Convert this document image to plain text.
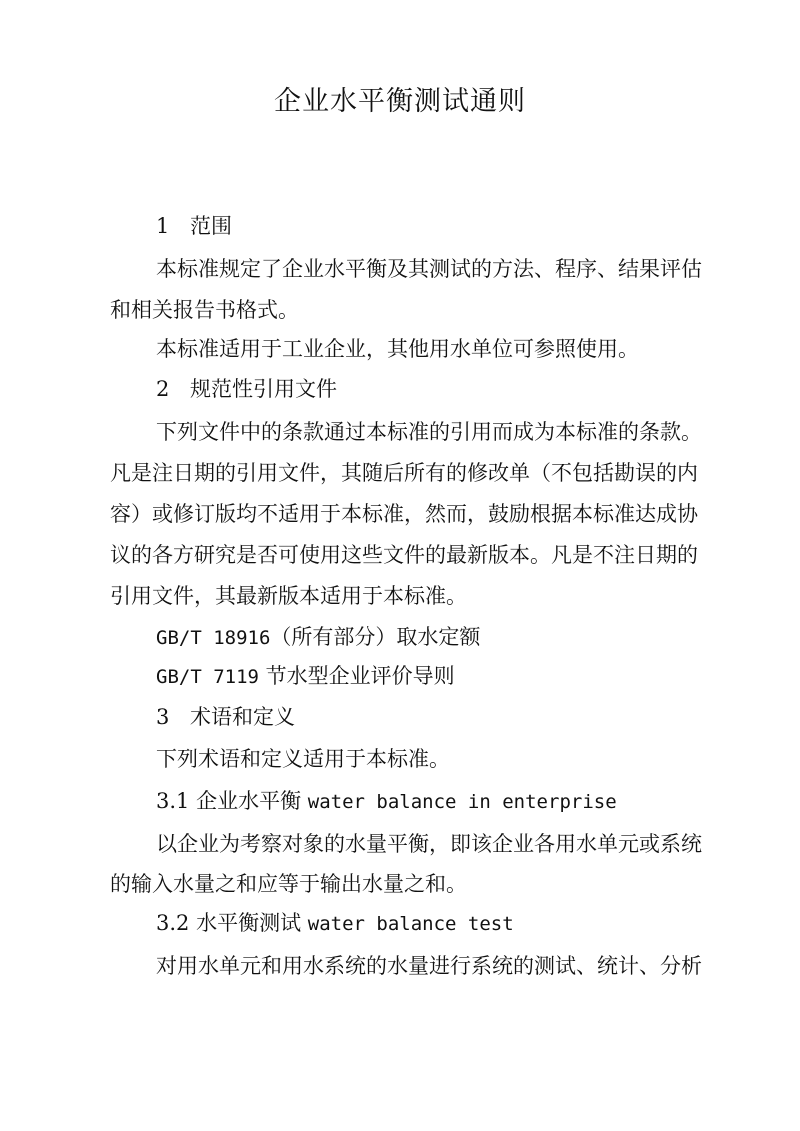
企业水平衡测试通则
1 范围
本标准规定了企业水平衡及其测试的方法、程序、结果评估
和相关报告书格式。
本标准适用于工业企业，其他用水单位可参照使用。
2 规范性引用文件
下列文件中的条款通过本标准的引用而成为本标准的条款。
凡是注日期的引用文件，其随后所有的修改单（不包括勘误的内
容）或修订版均不适用于本标准，然而，鼓励根据本标准达成协
议的各方研究是否可使用这些文件的最新版本。凡是不注日期的
引用文件，其最新版本适用于本标准。
GB/T 18916（所有部分）取水定额
GB/T 7119 节水型企业评价导则
3 术语和定义
下列术语和定义适用于本标准。
3.1 企业水平衡 water balance in enterprise
以企业为考察对象的水量平衡，即该企业各用水单元或系统
的输入水量之和应等于输出水量之和。
3.2 水平衡测试 water balance test
对用水单元和用水系统的水量进行系统的测试、统计、分析
